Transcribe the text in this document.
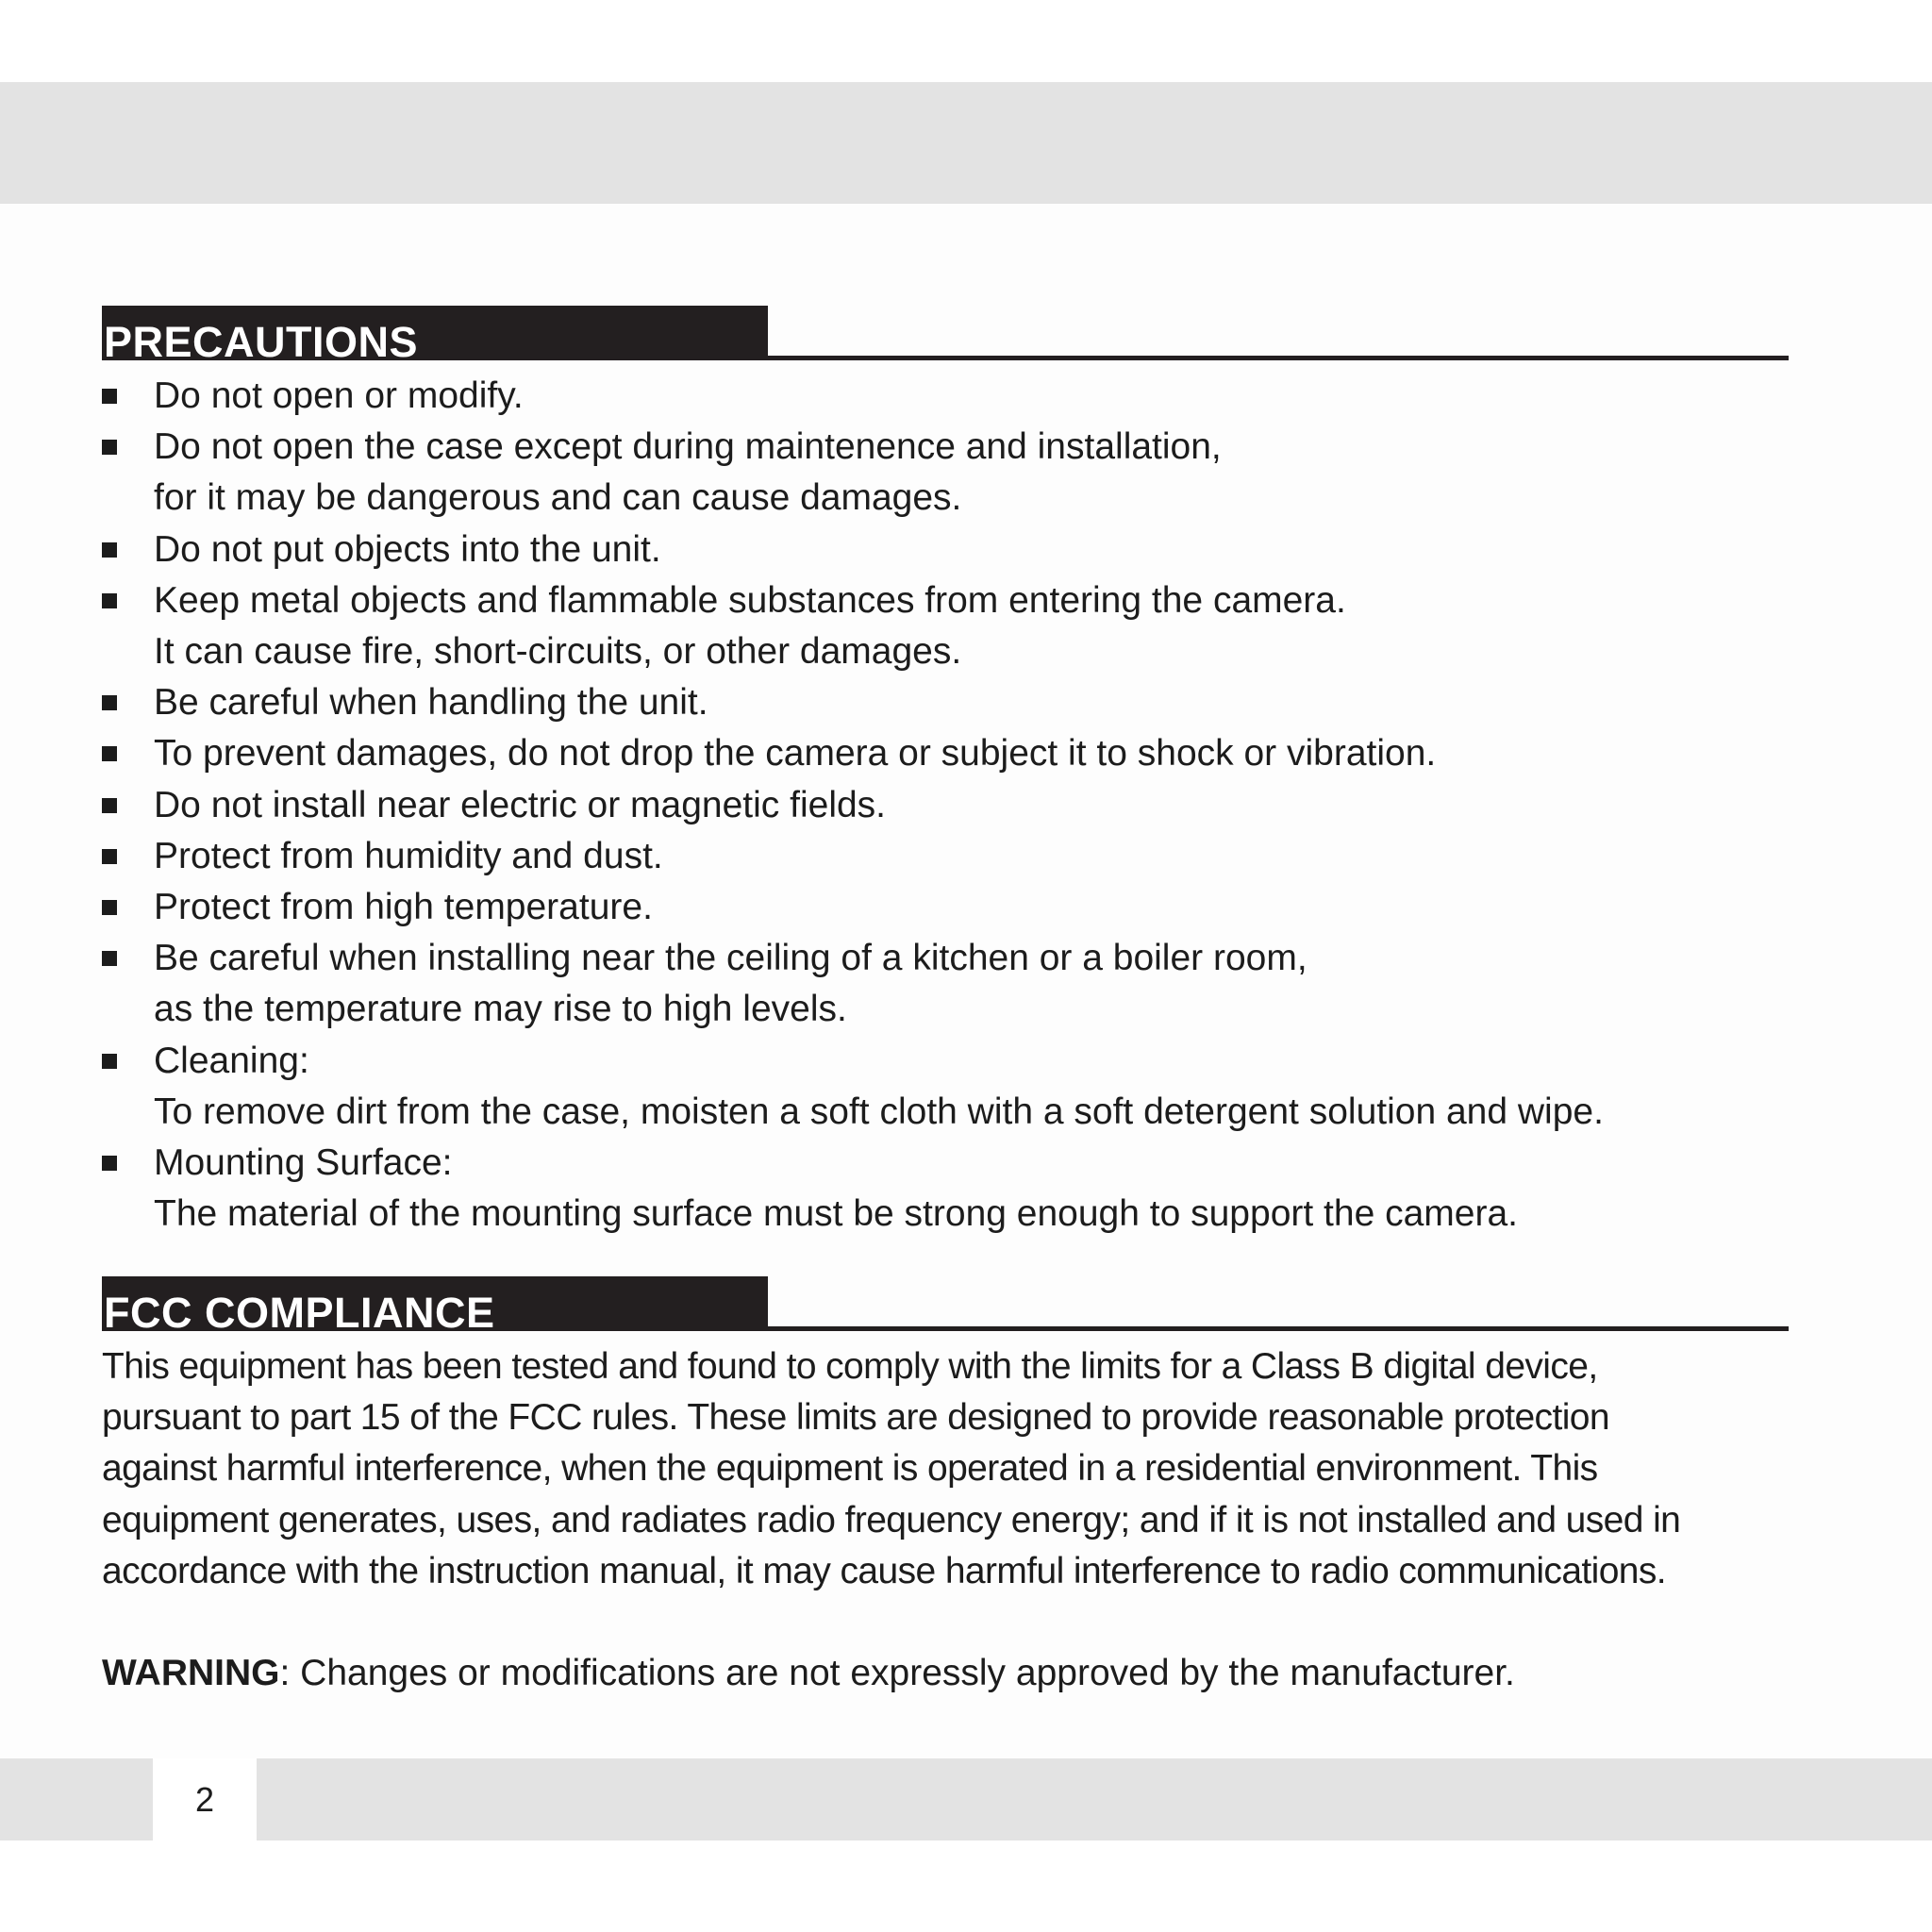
PRECAUTIONS
Do not open or modify.
Do not open the case except during maintenence and installation,
for it may be dangerous and can cause damages.
Do not put objects into the unit.
Keep metal objects and flammable substances from entering the camera.
It can cause fire, short-circuits, or other damages.
Be careful when handling the unit.
To prevent damages, do not drop the camera or subject it to shock or vibration.
Do not install near electric or magnetic fields.
Protect from humidity and dust.
Protect from high temperature.
Be careful when installing near the ceiling of a kitchen or a boiler room,
as the temperature may rise to high levels.
Cleaning:
To remove dirt from the case, moisten a soft cloth with a soft detergent solution and wipe.
Mounting Surface:
The material of the mounting surface must be strong enough to support the camera.
FCC COMPLIANCE

This equipment has been tested and found to comply with the limits for a Class B digital device,
pursuant to part 15 of the FCC rules. These limits are designed to provide reasonable protection
against harmful interference, when the equipment is operated in a residential environment. This
equipment generates, uses, and radiates radio frequency energy; and if it is not installed and used in
accordance with the instruction manual, it may cause harmful interference to radio communications.

WARNING: Changes or modifications are not expressly approved by the manufacturer.

2
